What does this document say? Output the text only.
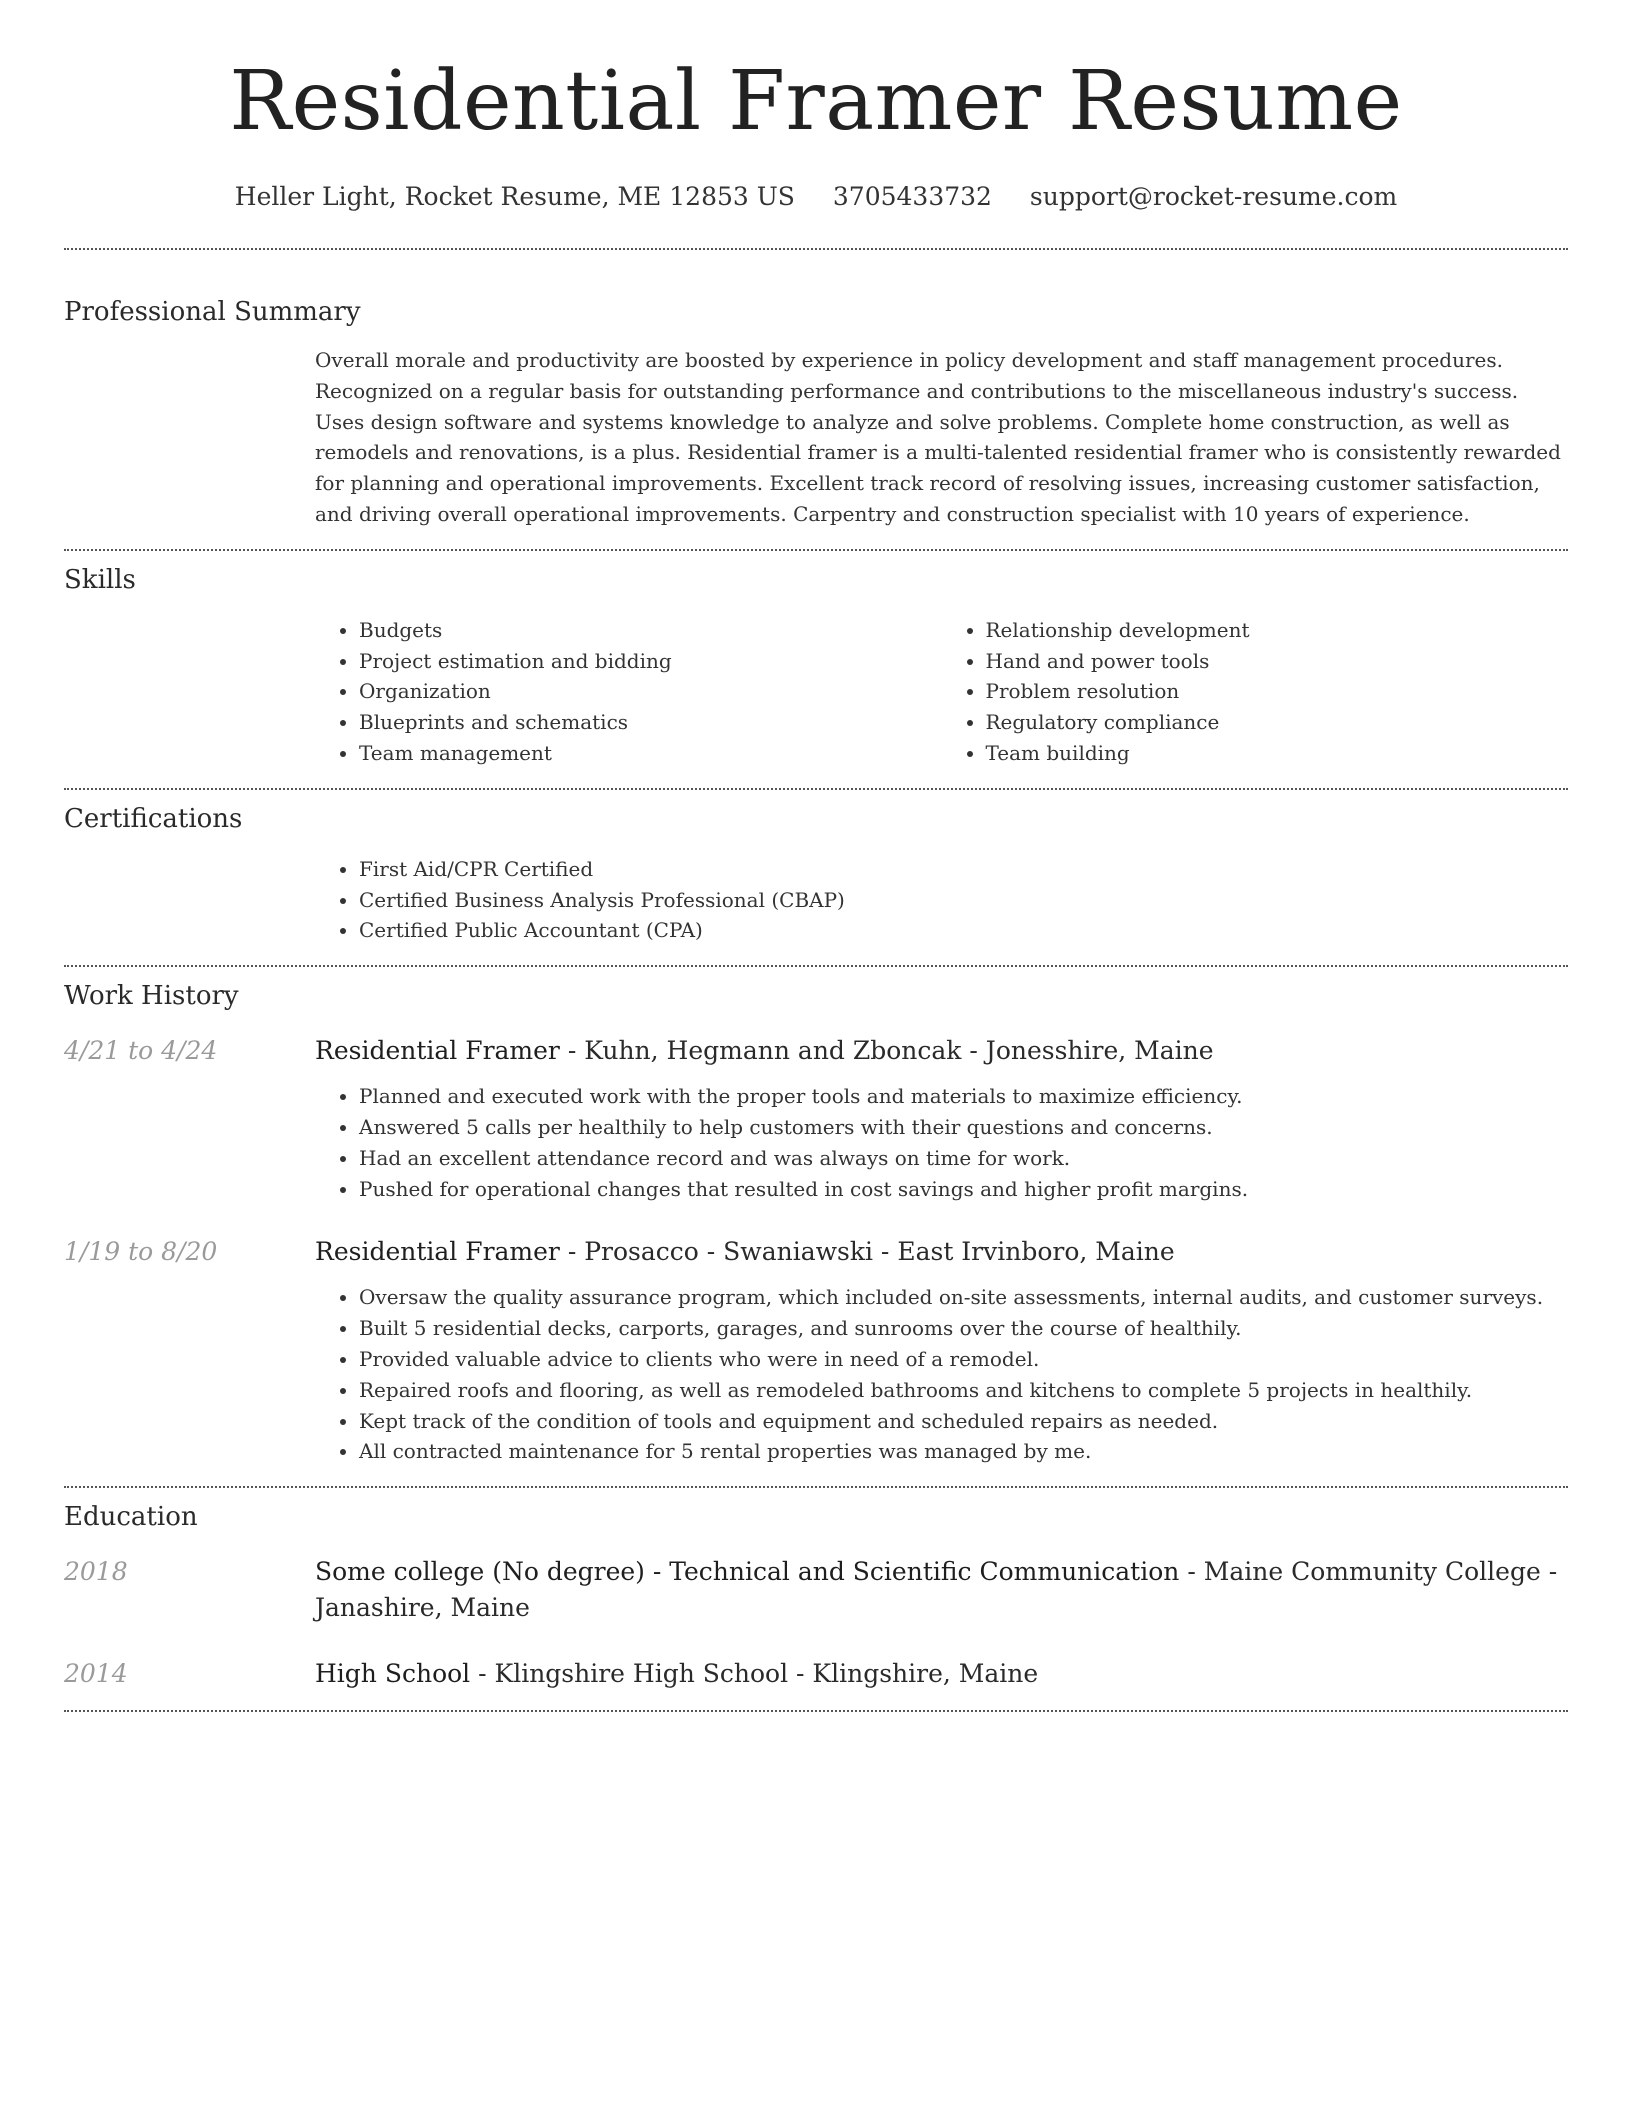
Residential Framer Resume
Heller Light, Rocket Resume, ME 12853 US 3705433732 support@rocket-resume.com
Professional Summary
Overall morale and productivity are boosted by experience in policy development and staff management procedures. Recognized on a regular basis for outstanding performance and contributions to the miscellaneous industry's success. Uses design software and systems knowledge to analyze and solve problems. Complete home construction, as well as remodels and renovations, is a plus. Residential framer is a multi-talented residential framer who is consistently rewarded for planning and operational improvements. Excellent track record of resolving issues, increasing customer satisfaction, and driving overall operational improvements. Carpentry and construction specialist with 10 years of experience.
Skills
• Budgets
• Project estimation and bidding
• Organization
• Blueprints and schematics
• Team management
• Relationship development
• Hand and power tools
• Problem resolution
• Regulatory compliance
• Team building
Certifications
• First Aid/CPR Certified
• Certified Business Analysis Professional (CBAP)
• Certified Public Accountant (CPA)
Work History
4/21 to 4/24	Residential Framer - Kuhn, Hegmann and Zboncak - Jonesshire, Maine
• Planned and executed work with the proper tools and materials to maximize efficiency.
• Answered 5 calls per healthily to help customers with their questions and concerns.
• Had an excellent attendance record and was always on time for work.
• Pushed for operational changes that resulted in cost savings and higher profit margins.
1/19 to 8/20	Residential Framer - Prosacco - Swaniawski - East Irvinboro, Maine
• Oversaw the quality assurance program, which included on-site assessments, internal audits, and customer surveys.
• Built 5 residential decks, carports, garages, and sunrooms over the course of healthily.
• Provided valuable advice to clients who were in need of a remodel.
• Repaired roofs and flooring, as well as remodeled bathrooms and kitchens to complete 5 projects in healthily.
• Kept track of the condition of tools and equipment and scheduled repairs as needed.
• All contracted maintenance for 5 rental properties was managed by me.
Education
2018	Some college (No degree) - Technical and Scientific Communication - Maine Community College - Janashire, Maine
2014	High School - Klingshire High School - Klingshire, Maine
